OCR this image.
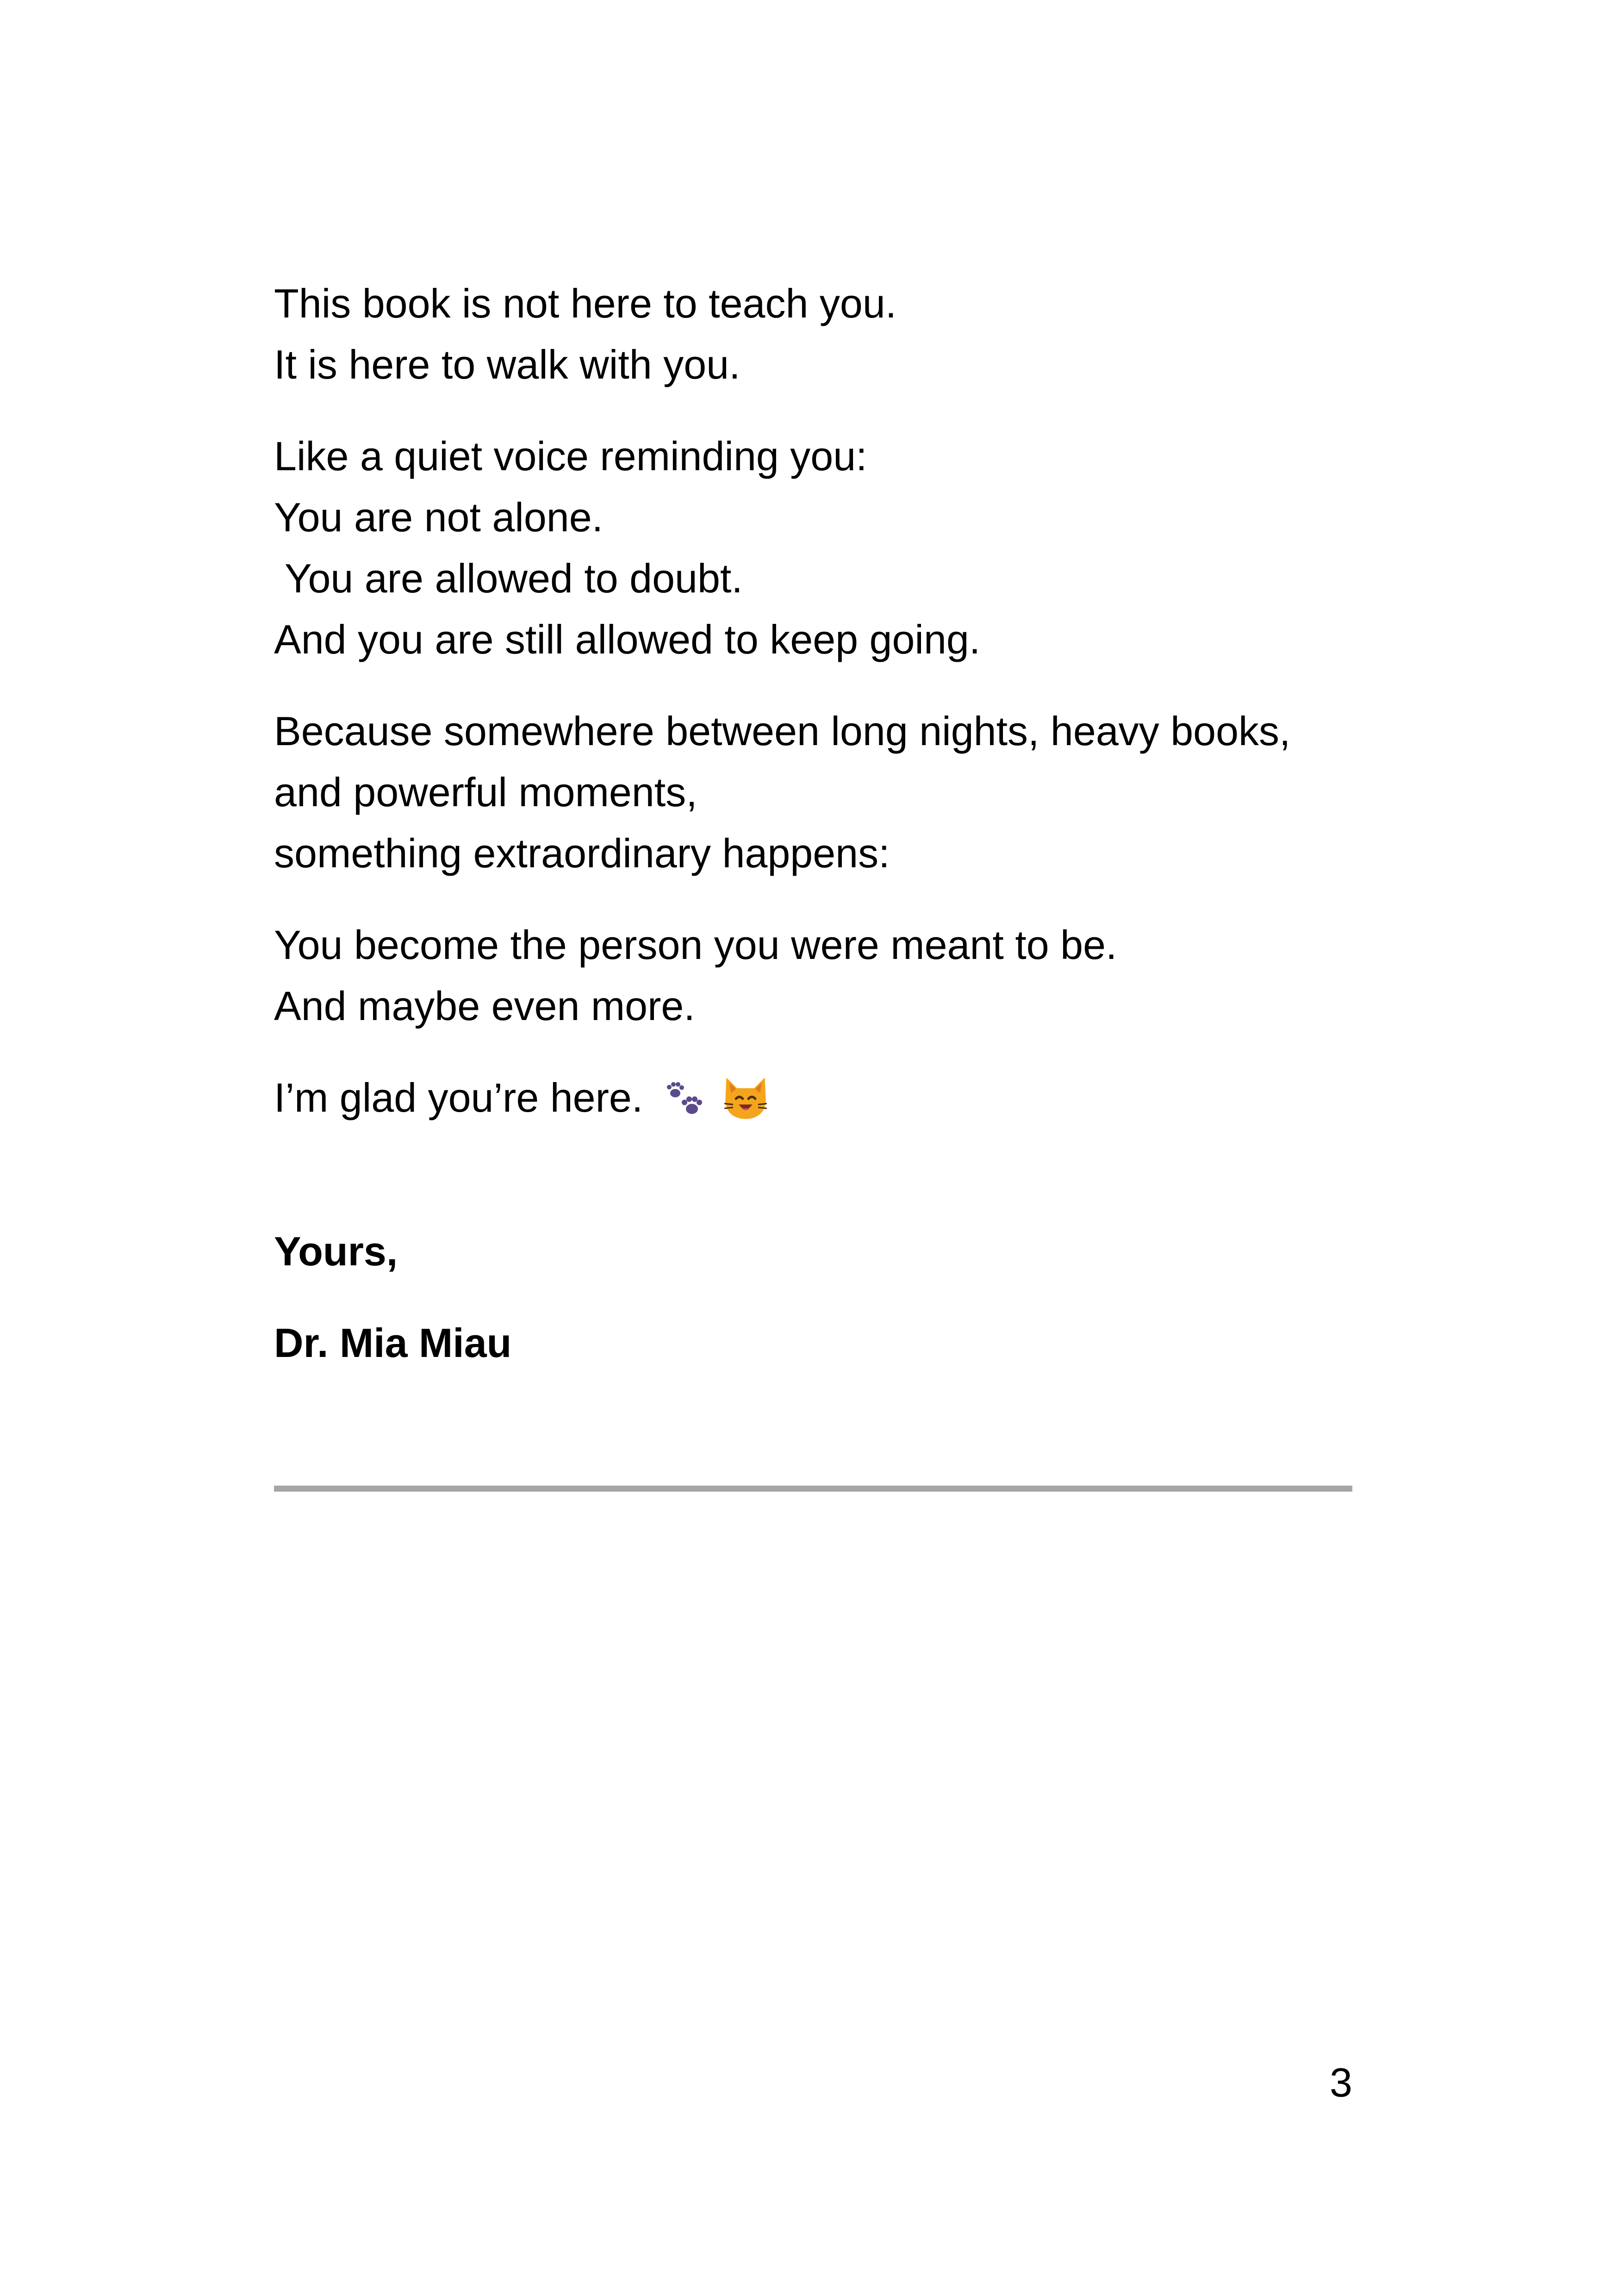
This book is not here to teach you.

It is here to walk with you.

Like a quiet voice reminding you:

You are not alone.

You are allowed to doubt.

And you are still allowed to keep going.

Because somewhere between long nights, heavy books,

and powerful moments,

something extraordinary happens:

You become the person you were meant to be.

And maybe even more.

I’m glad you’re here.

Yours,

Dr. Mia Miau

3
